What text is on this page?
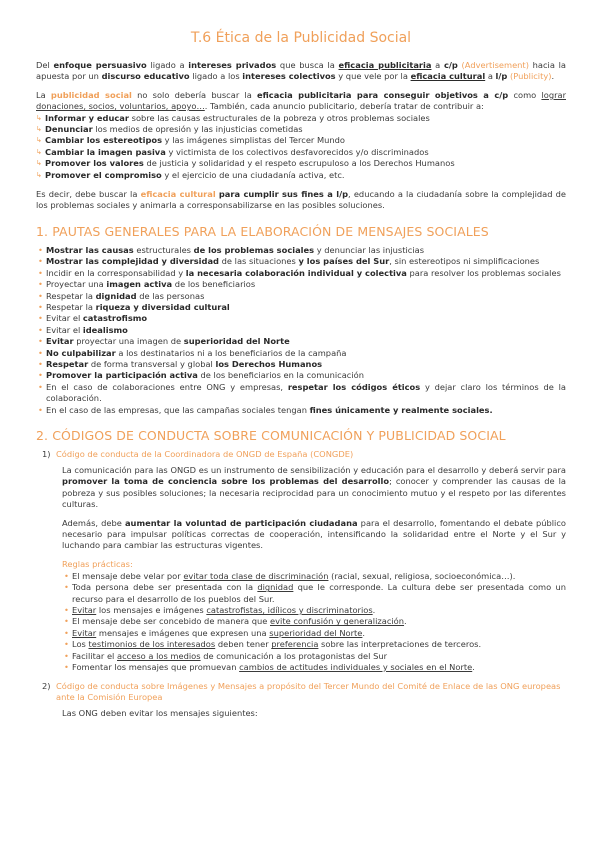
T.6 Ética de la Publicidad Social

Del enfoque persuasivo ligado a intereses privados que busca la eficacia publicitaria a c/p (Advertisement) hacia la apuesta por un discurso educativo ligado a los intereses colectivos y que vele por la eficacia cultural a l/p (Publicity).

La publicidad social no solo debería buscar la eficacia publicitaria para conseguir objetivos a c/p como lograr donaciones, socios, voluntarios, apoyo…. También, cada anuncio publicitario, debería tratar de contribuir a:

↳ Informar y educar sobre las causas estructurales de la pobreza y otros problemas sociales
↳ Denunciar los medios de opresión y las injusticias cometidas
↳ Cambiar los estereotipos y las imágenes simplistas del Tercer Mundo
↳ Cambiar la imagen pasiva y victimista de los colectivos desfavorecidos y/o discriminados
↳ Promover los valores de justicia y solidaridad y el respeto escrupuloso a los Derechos Humanos
↳ Promover el compromiso y el ejercicio de una ciudadanía activa, etc.

Es decir, debe buscar la eficacia cultural para cumplir sus fines a l/p, educando a la ciudadanía sobre la complejidad de los problemas sociales y animarla a corresponsabilizarse en las posibles soluciones.

1. PAUTAS GENERALES PARA LA ELABORACIÓN DE MENSAJES SOCIALES
• Mostrar las causas estructurales de los problemas sociales y denunciar las injusticias
• Mostrar las complejidad y diversidad de las situaciones y los países del Sur, sin estereotipos ni simplificaciones
• Incidir en la corresponsabilidad y la necesaria colaboración individual y colectiva para resolver los problemas sociales
• Proyectar una imagen activa de los beneficiarios
• Respetar la dignidad de las personas
• Respetar la riqueza y diversidad cultural
• Evitar el catastrofismo
• Evitar el idealismo
• Evitar proyectar una imagen de superioridad del Norte
• No culpabilizar a los destinatarios ni a los beneficiarios de la campaña
• Respetar de forma transversal y global los Derechos Humanos
• Promover la participación activa de los beneficiarios en la comunicación
• En el caso de colaboraciones entre ONG y empresas, respetar los códigos éticos y dejar claro los términos de la colaboración.
• En el caso de las empresas, que las campañas sociales tengan fines únicamente y realmente sociales.
2. CÓDIGOS DE CONDUCTA SOBRE COMUNICACIÓN Y PUBLICIDAD SOCIAL
1) Código de conducta de la Coordinadora de ONGD de España (CONGDE)

La comunicación para las ONGD es un instrumento de sensibilización y educación para el desarrollo y deberá servir para promover la toma de conciencia sobre los problemas del desarrollo; conocer y comprender las causas de la pobreza y sus posibles soluciones; la necesaria reciprocidad para un conocimiento mutuo y el respeto por las diferentes culturas.

Además, debe aumentar la voluntad de participación ciudadana para el desarrollo, fomentando el debate público necesario para impulsar políticas correctas de cooperación, intensificando la solidaridad entre el Norte y el Sur y luchando para cambiar las estructuras vigentes.

Reglas prácticas:
• El mensaje debe velar por evitar toda clase de discriminación (racial, sexual, religiosa, socioeconómica…).
• Toda persona debe ser presentada con la dignidad que le corresponde. La cultura debe ser presentada como un recurso para el desarrollo de los pueblos del Sur.
• Evitar los mensajes e imágenes catastrofistas, idílicos y discriminatorios.
• El mensaje debe ser concebido de manera que evite confusión y generalización.
• Evitar mensajes e imágenes que expresen una superioridad del Norte.
• Los testimonios de los interesados deben tener preferencia sobre las interpretaciones de terceros.
• Facilitar el acceso a los medios de comunicación a los protagonistas del Sur
• Fomentar los mensajes que promuevan cambios de actitudes individuales y sociales en el Norte.
2) Código de conducta sobre Imágenes y Mensajes a propósito del Tercer Mundo del Comité de Enlace de las ONG europeas ante la Comisión Europea

Las ONG deben evitar los mensajes siguientes:
